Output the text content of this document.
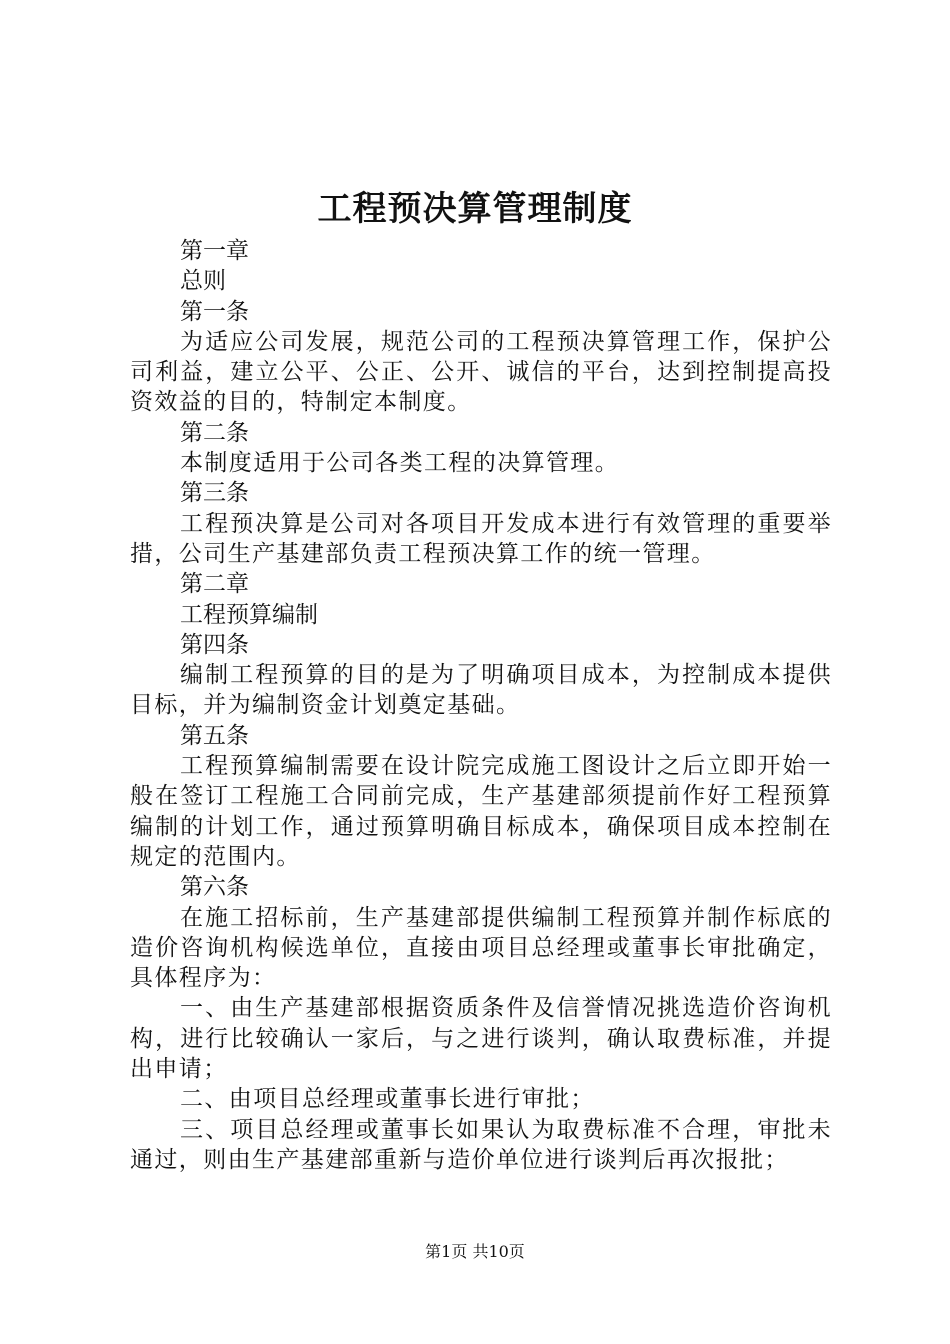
工程预决算管理制度

第一章

总则

第一条

为适应公司发展，规范公司的工程预决算管理工作，保护公司利益，建立公平、公正、公开、诚信的平台，达到控制提高投资效益的目的，特制定本制度。

第二条

本制度适用于公司各类工程的决算管理。

第三条

工程预决算是公司对各项目开发成本进行有效管理的重要举措，公司生产基建部负责工程预决算工作的统一管理。

第二章

工程预算编制

第四条

编制工程预算的目的是为了明确项目成本，为控制成本提供目标，并为编制资金计划奠定基础。

第五条

工程预算编制需要在设计院完成施工图设计之后立即开始一般在签订工程施工合同前完成，生产基建部须提前作好工程预算编制的计划工作，通过预算明确目标成本，确保项目成本控制在规定的范围内。

第六条

在施工招标前，生产基建部提供编制工程预算并制作标底的造价咨询机构候选单位，直接由项目总经理或董事长审批确定，具体程序为：

一、由生产基建部根据资质条件及信誉情况挑选造价咨询机构，进行比较确认一家后，与之进行谈判，确认取费标准，并提出申请；

二、由项目总经理或董事长进行审批；

三、项目总经理或董事长如果认为取费标准不合理，审批未通过，则由生产基建部重新与造价单位进行谈判后再次报批；

第1页 共10页
